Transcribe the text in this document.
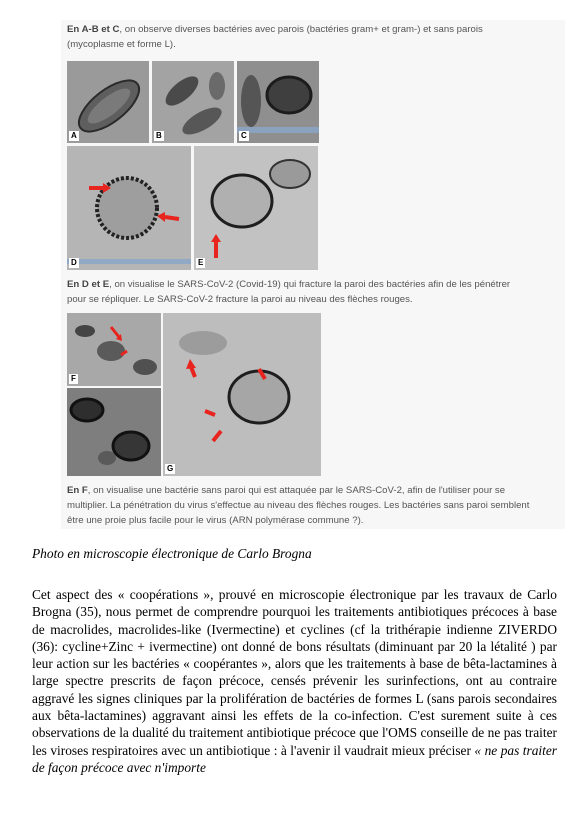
En A-B et C, on observe diverses bactéries avec parois (bactéries gram+ et gram-) et sans parois (mycoplasme et forme L).
A	B	C
D	E
En D et E, on visualise le SARS-CoV-2 (Covid-19) qui fracture la paroi des bactéries afin de les pénétrer pour se répliquer. Le SARS-CoV-2 fracture la paroi au niveau des flèches rouges.
F
G
En F, on visualise une bactérie sans paroi qui est attaquée par le SARS-CoV-2, afin de l'utiliser pour se multiplier. La pénétration du virus s'effectue au niveau des flèches rouges. Les bactéries sans paroi semblent être une proie plus facile pour le virus (ARN polymérase commune ?).
Photo en microscopie électronique de Carlo Brogna
Cet aspect des « coopérations », prouvé en microscopie électronique par les travaux de Carlo Brogna (35), nous permet de comprendre pourquoi les traitements antibiotiques précoces à base de macrolides, macrolides-like (Ivermectine) et cyclines (cf la trithérapie indienne ZIVERDO (36): cycline+Zinc + ivermectine) ont donné de bons résultats (diminuant par 20 la létalité ) par leur action sur les bactéries « coopérantes », alors que les traitements à base de bêta-lactamines à large spectre prescrits de façon précoce, censés prévenir les surinfections, ont au contraire aggravé les signes cliniques par la prolifération de bactéries de formes L (sans parois secondaires aux bêta-lactamines) aggravant ainsi les effets de la co-infection. C'est surement suite à ces observations de la dualité du traitement antibiotique précoce que l'OMS conseille de ne pas traiter les viroses respiratoires avec un antibiotique : à l'avenir il vaudrait mieux préciser « ne pas traiter de façon précoce avec n'importe
